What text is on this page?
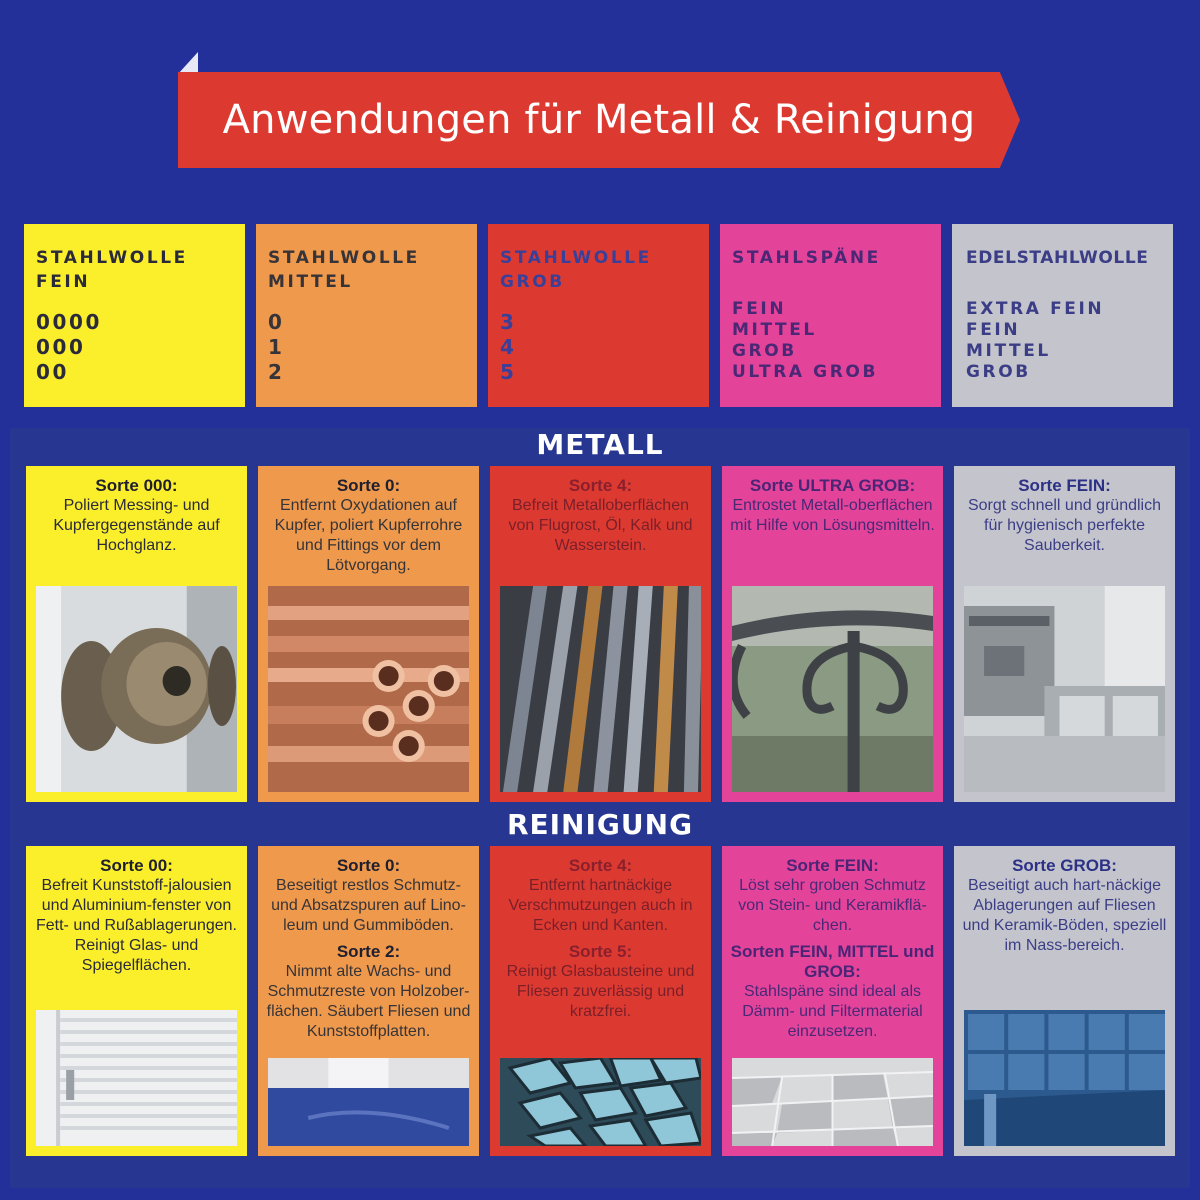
Anwendungen für Metall & Reinigung
STAHLWOLLE
FEIN
0000
000
00
STAHLWOLLE
MITTEL
0
1
2
STAHLWOLLE
GROB
3
4
5
STAHLSPÄNE
FEIN
MITTEL
GROB
ULTRA GROB
EDELSTAHLWOLLE
EXTRA FEIN
FEIN
MITTEL
GROB
METALL
Sorte 000:
Poliert Messing- und Kupfergegenstände auf Hochglanz.
Sorte 0:
Entfernt Oxydationen auf Kupfer, poliert Kupferrohre und Fittings vor dem Lötvorgang.
Sorte 4:
Befreit Metalloberflächen von Flugrost, Öl, Kalk und Wasserstein.
Sorte ULTRA GROB:
Entrostet Metall-oberflächen mit Hilfe von Lösungsmitteln.
Sorte FEIN:
Sorgt schnell und gründlich für hygienisch perfekte Sauberkeit.
REINIGUNG
Sorte 00:
Befreit Kunststoff-jalousien und Aluminium-fenster von Fett- und Rußablagerungen. Reinigt Glas- und Spiegelflächen.
Sorte 0:
Beseitigt restlos Schmutz- und Absatzspuren auf Lino-leum und Gummiböden.
Sorte 2:
Nimmt alte Wachs- und Schmutzreste von Holzober-flächen. Säubert Fliesen und Kunststoffplatten.
Sorte 4:
Entfernt hartnäckige Verschmutzungen auch in Ecken und Kanten.
Sorte 5:
Reinigt Glasbausteine und Fliesen zuverlässig und kratzfrei.
Sorte FEIN:
Löst sehr groben Schmutz von Stein- und Keramikflä-chen.
Sorten FEIN, MITTEL und GROB:
Stahlspäne sind ideal als Dämm- und Filtermaterial einzusetzen.
Sorte GROB:
Beseitigt auch hart-näckige Ablagerungen auf Fliesen und Keramik-Böden, speziell im Nass-bereich.
